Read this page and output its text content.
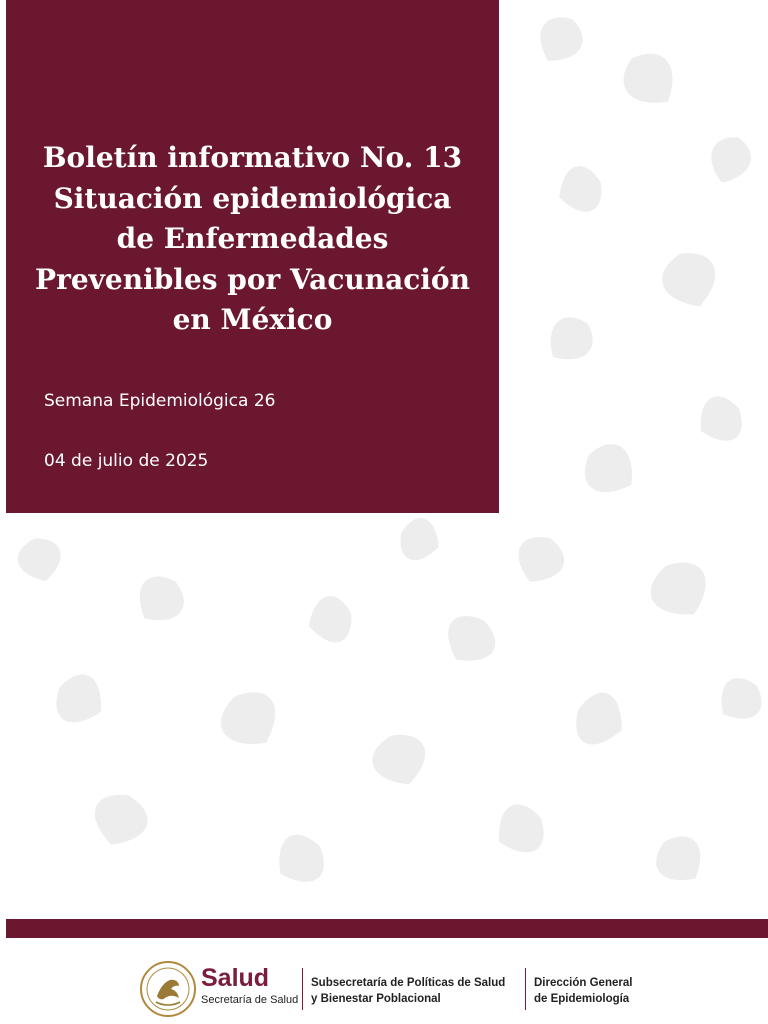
Boletín informativo No. 13
Situación epidemiológica
de Enfermedades
Prevenibles por Vacunación
en México

Semana Epidemiológica 26

04 de julio de 2025

Salud
Secretaría de Salud
Subsecretaría de Políticas de Salud
y Bienestar Poblacional
Dirección General
de Epidemiología
